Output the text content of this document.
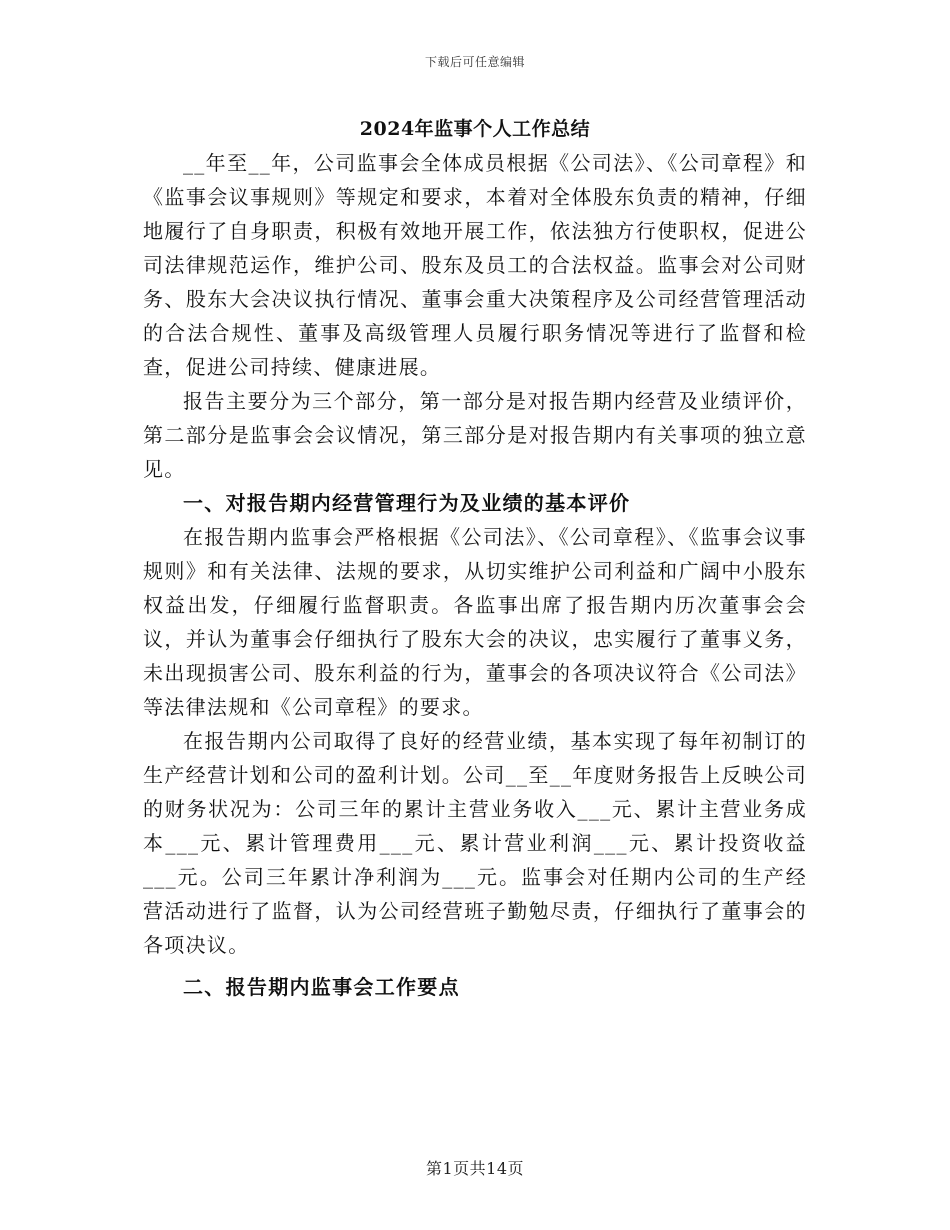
下载后可任意编辑
2024年监事个人工作总结

__年至__年，公司监事会全体成员根据《公司法》、《公司章程》和《监事会议事规则》等规定和要求，本着对全体股东负责的精神，仔细地履行了自身职责，积极有效地开展工作，依法独方行使职权，促进公司法律规范运作，维护公司、股东及员工的合法权益。监事会对公司财务、股东大会决议执行情况、董事会重大决策程序及公司经营管理活动的合法合规性、董事及高级管理人员履行职务情况等进行了监督和检查，促进公司持续、健康进展。

报告主要分为三个部分，第一部分是对报告期内经营及业绩评价，第二部分是监事会会议情况，第三部分是对报告期内有关事项的独立意见。

一、对报告期内经营管理行为及业绩的基本评价

在报告期内监事会严格根据《公司法》、《公司章程》、《监事会议事规则》和有关法律、法规的要求，从切实维护公司利益和广阔中小股东权益出发，仔细履行监督职责。各监事出席了报告期内历次董事会会议，并认为董事会仔细执行了股东大会的决议，忠实履行了董事义务，未出现损害公司、股东利益的行为，董事会的各项决议符合《公司法》等法律法规和《公司章程》的要求。

在报告期内公司取得了良好的经营业绩，基本实现了每年初制订的生产经营计划和公司的盈利计划。公司__至__年度财务报告上反映公司的财务状况为：公司三年的累计主营业务收入___元、累计主营业务成本___元、累计管理费用___元、累计营业利润___元、累计投资收益___元。公司三年累计净利润为___元。监事会对任期内公司的生产经营活动进行了监督，认为公司经营班子勤勉尽责，仔细执行了董事会的各项决议。

二、报告期内监事会工作要点
第1页共14页
